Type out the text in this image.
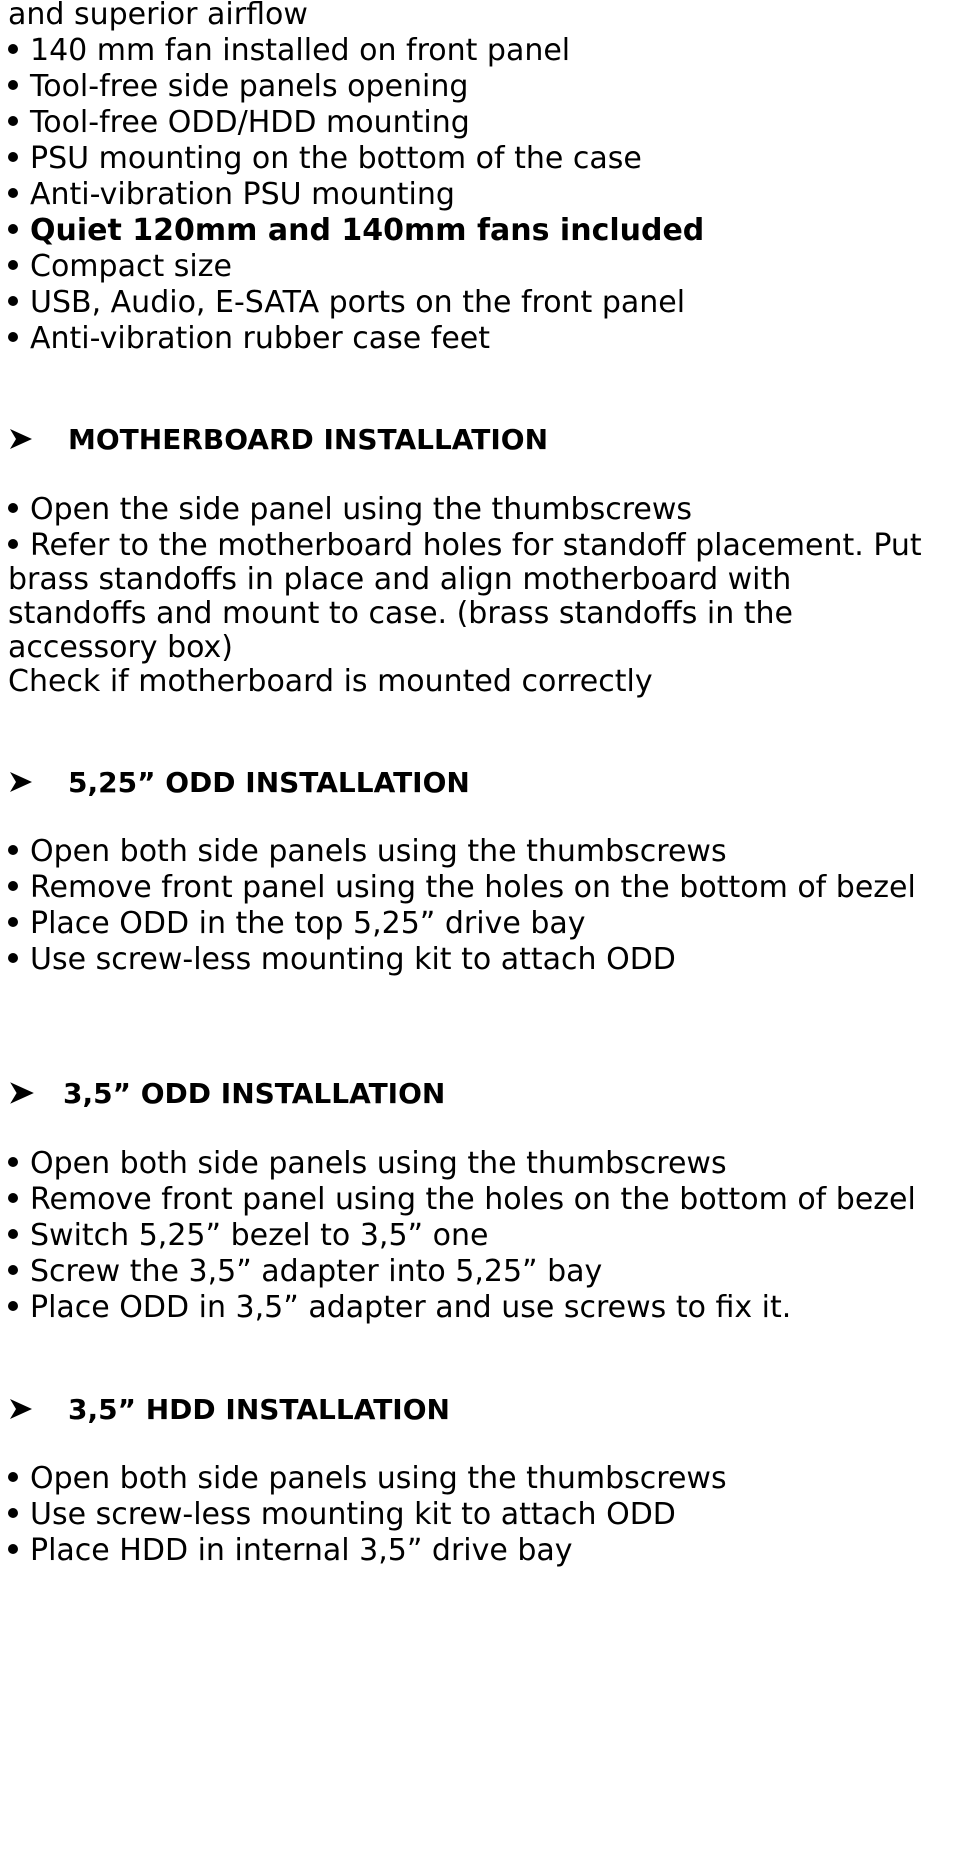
and superior airflow
140 mm fan installed on front panel
Tool-free side panels opening
Tool-free ODD/HDD mounting
PSU mounting on the bottom of the case
Anti-vibration PSU mounting
Quiet 120mm and 140mm fans included
Compact size
USB, Audio, E-SATA ports on the front panel
Anti-vibration rubber case feet
MOTHERBOARD INSTALLATION
Open the side panel using the thumbscrews
Refer to the motherboard holes for standoff placement. Put
brass standoffs in place and align motherboard with
standoffs and mount to case. (brass standoffs in the
accessory box)
Check if motherboard is mounted correctly
5,25” ODD INSTALLATION
Open both side panels using the thumbscrews
Remove front panel using the holes on the bottom of bezel
Place ODD in the top 5,25” drive bay
Use screw-less mounting kit to attach ODD
3,5” ODD INSTALLATION
Open both side panels using the thumbscrews
Remove front panel using the holes on the bottom of bezel
Switch 5,25” bezel to 3,5” one
Screw the 3,5” adapter into 5,25” bay
Place ODD in 3,5” adapter and use screws to fix it.
3,5” HDD INSTALLATION
Open both side panels using the thumbscrews
Use screw-less mounting kit to attach ODD
Place HDD in internal 3,5” drive bay
